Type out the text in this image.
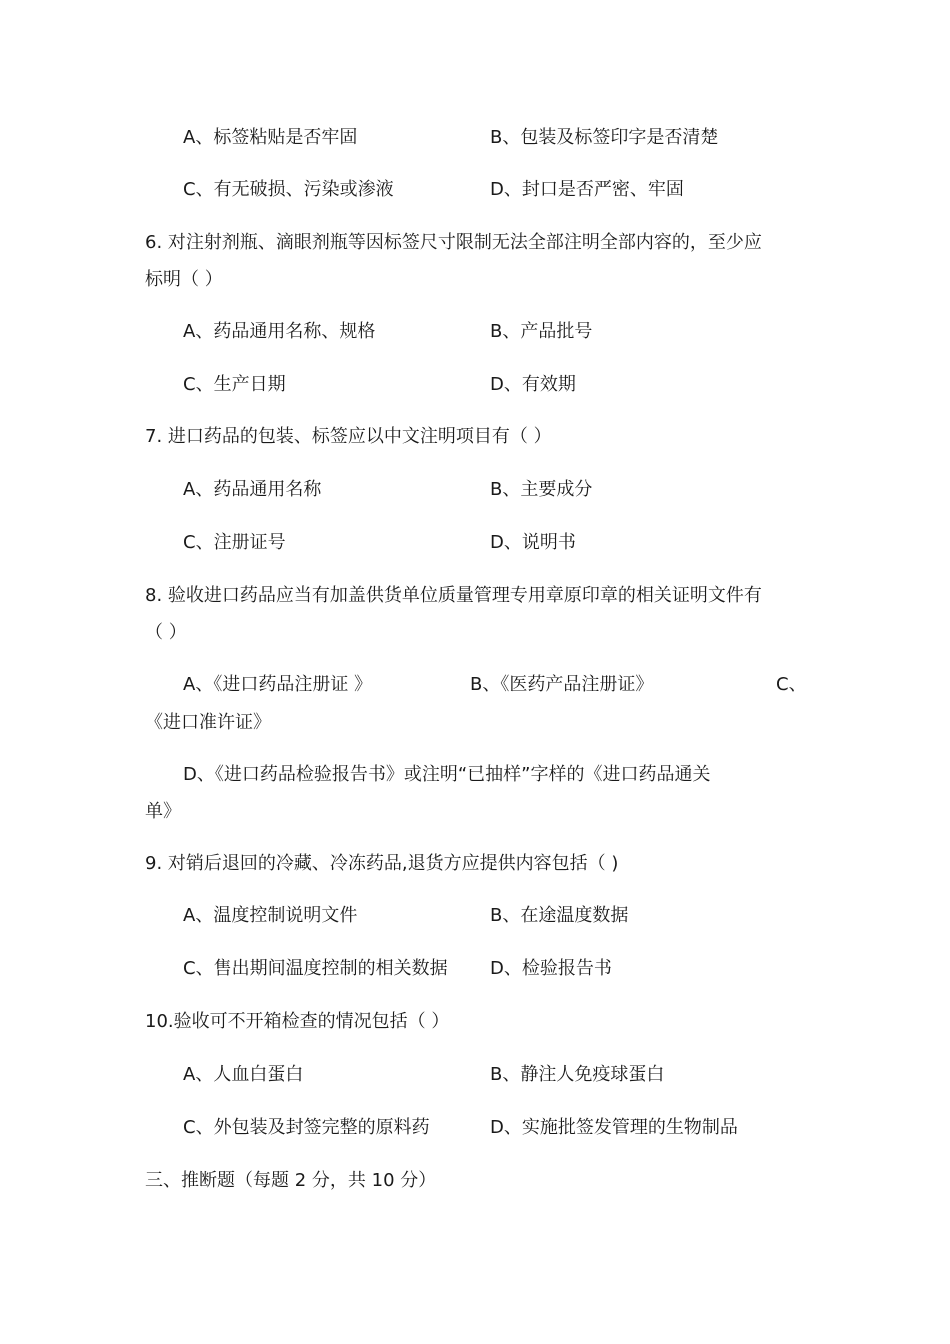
A、标签粘贴是否牢固	B、包装及标签印字是否清楚
C、有无破损、污染或渗液	D、封口是否严密、牢固
6. 对注射剂瓶、滴眼剂瓶等因标签尺寸限制无法全部注明全部内容的，至少应
标明（ ）
A、药品通用名称、规格	B、产品批号
C、生产日期	D、有效期
7. 进口药品的包装、标签应以中文注明项目有（ ）
A、药品通用名称	B、主要成分
C、注册证号	D、说明书
8. 验收进口药品应当有加盖供货单位质量管理专用章原印章的相关证明文件有
（ ）
A、《进口药品注册证 》	B、《医药产品注册证》	C、
《进口准许证》
D、《进口药品检验报告书》或注明“已抽样”字样的《进口药品通关
单》
9. 对销后退回的冷藏、冷冻药品,退货方应提供内容包括（ )
A、温度控制说明文件	B、在途温度数据
C、售出期间温度控制的相关数据 D、检验报告书
10.验收可不开箱检查的情况包括（ ）
A、人血白蛋白	B、静注人免疫球蛋白
C、外包装及封签完整的原料药	D、实施批签发管理的生物制品
三、推断题（每题 2 分，共 10 分）
